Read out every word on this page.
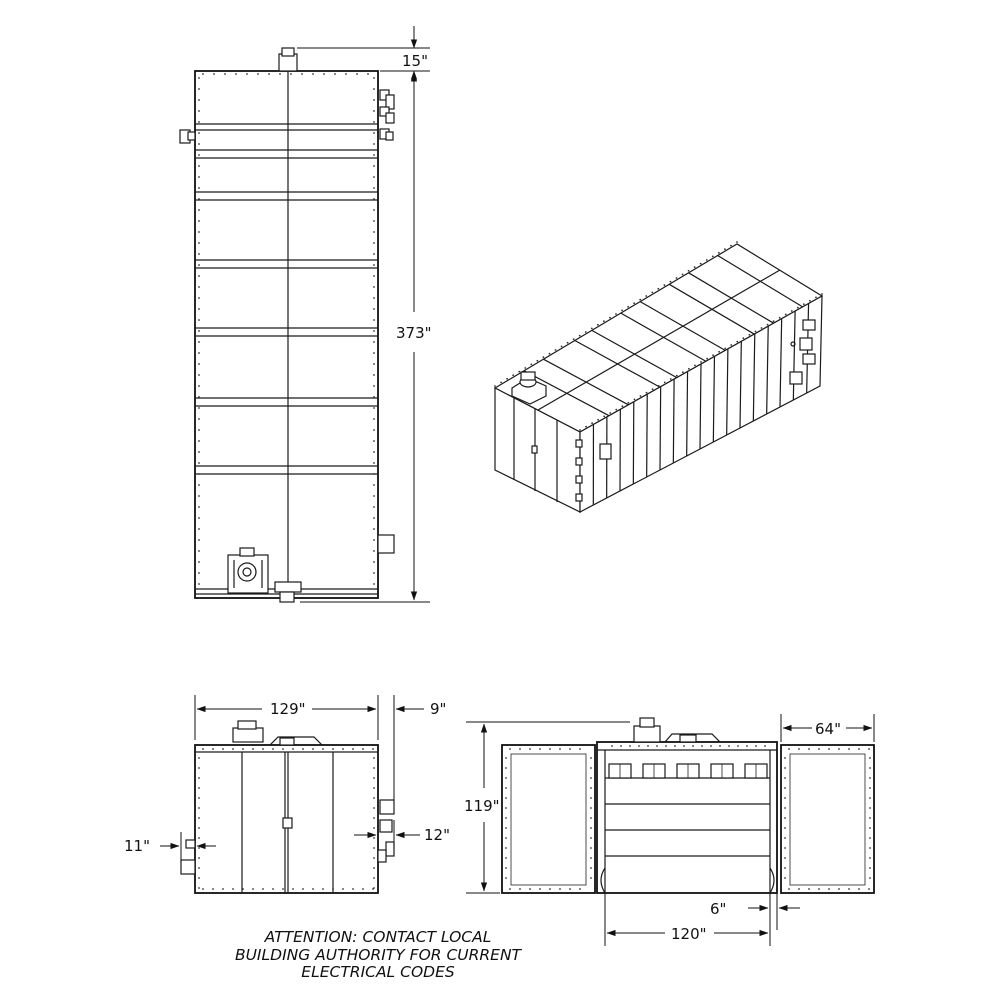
15"
373"
129"	9"
11"
12"
119"
64"
6"
120"
ATTENTION: CONTACT LOCAL
BUILDING AUTHORITY FOR CURRENT
ELECTRICAL CODES
